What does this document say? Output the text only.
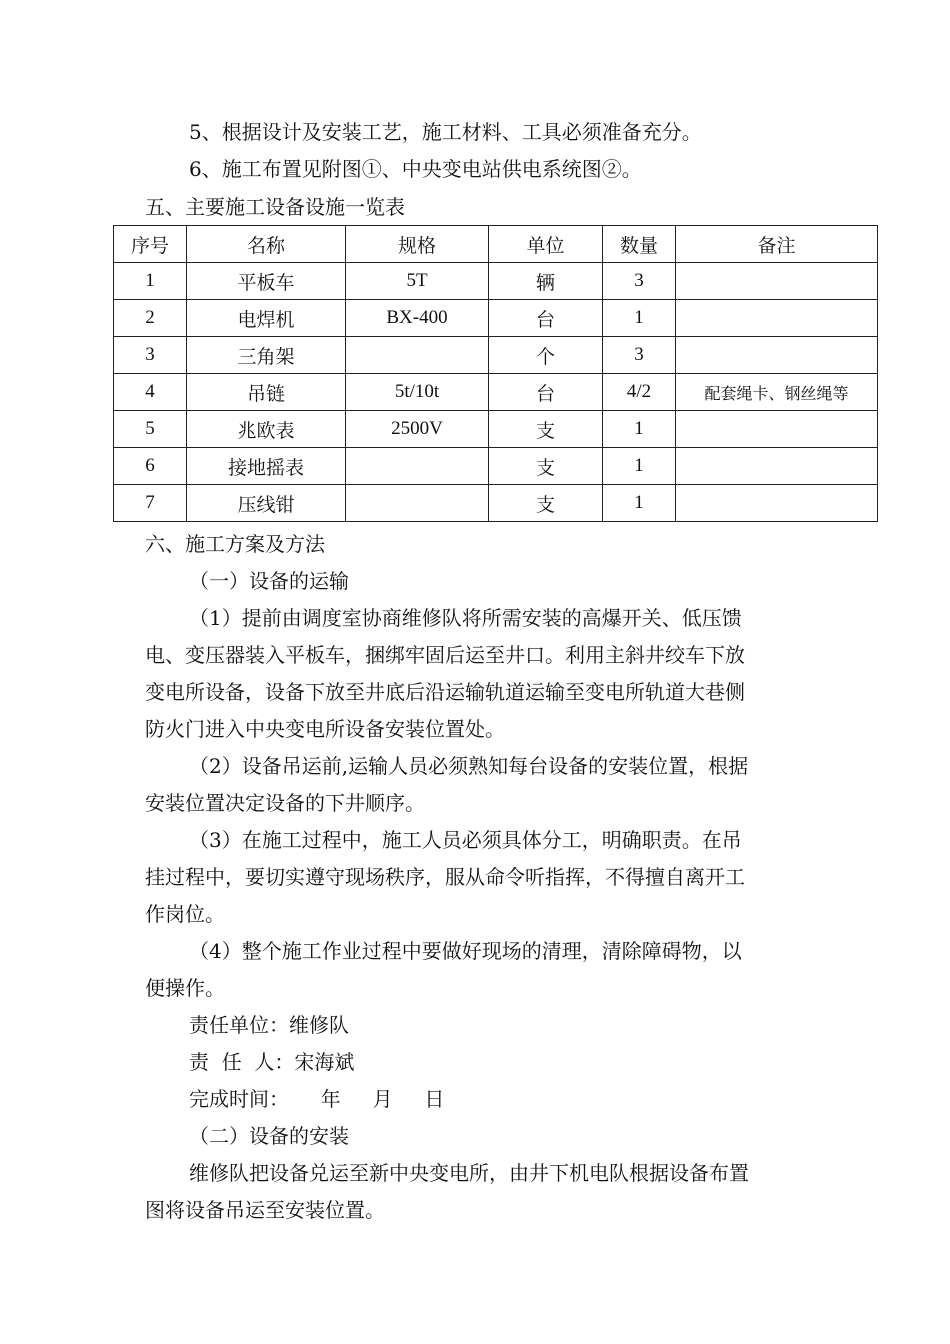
5、根据设计及安装工艺，施工材料、工具必须准备充分。
6、施工布置见附图①、中央变电站供电系统图②。
五、主要施工设备设施一览表
序号	名称	规格	单位	数量	备注
1	平板车	5T	辆	3	
2	电焊机	BX-400	台	1	
3	三角架		个	3	
4	吊链	5t/10t	台	4/2	配套绳卡、钢丝绳等
5	兆欧表	2500V	支	1	
6	接地摇表		支	1	
7	压线钳		支	1	
六、施工方案及方法
（一）设备的运输
（1）提前由调度室协商维修队将所需安装的高爆开关、低压馈
电、变压器装入平板车，捆绑牢固后运至井口。利用主斜井绞车下放
变电所设备，设备下放至井底后沿运输轨道运输至变电所轨道大巷侧
防火门进入中央变电所设备安装位置处。
（2）设备吊运前,运输人员必须熟知每台设备的安装位置，根据
安装位置决定设备的下井顺序。
（3）在施工过程中，施工人员必须具体分工，明确职责。在吊
挂过程中，要切实遵守现场秩序，服从命令听指挥，不得擅自离开工
作岗位。
（4）整个施工作业过程中要做好现场的清理，清除障碍物，以
便操作。
责任单位：维修队
责  任  人：宋海斌
完成时间：     年     月     日
（二）设备的安装
维修队把设备兑运至新中央变电所，由井下机电队根据设备布置
图将设备吊运至安装位置。
